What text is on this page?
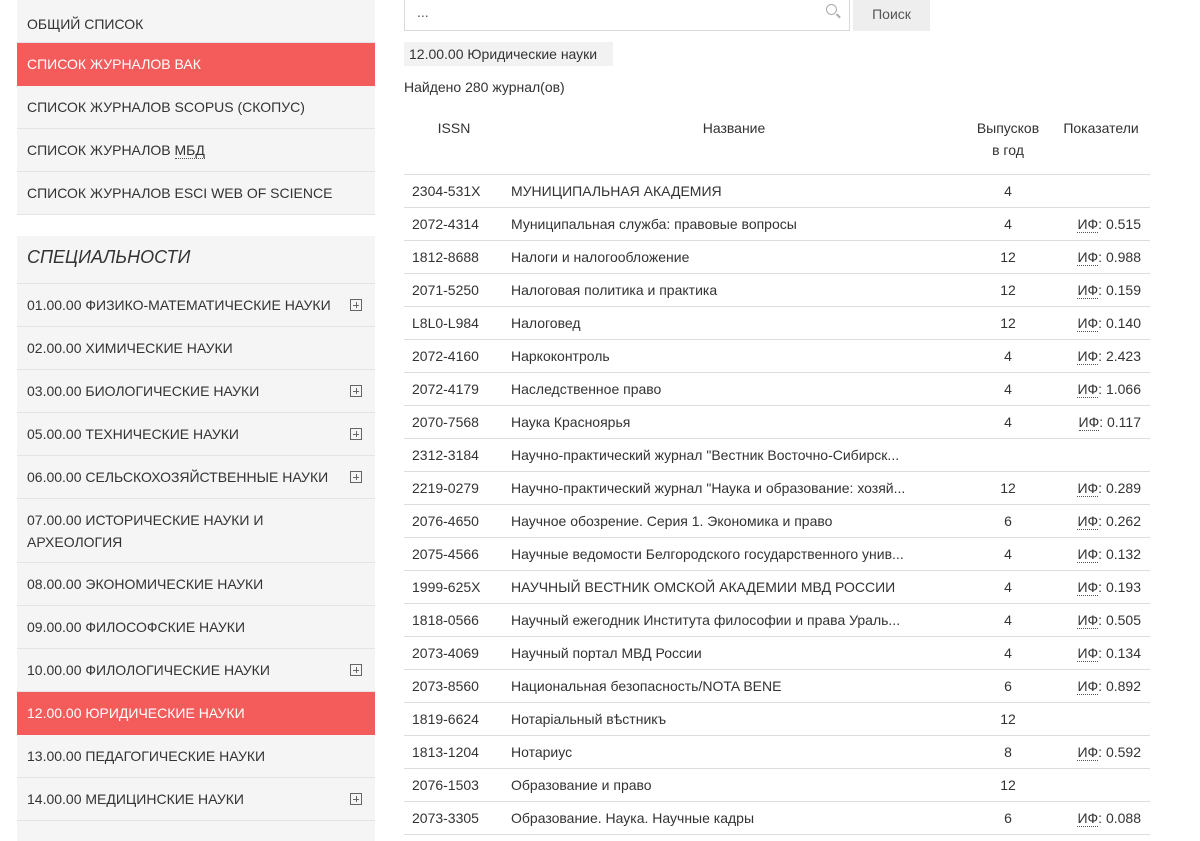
ОБЩИЙ СПИСОК
СПИСОК ЖУРНАЛОВ ВАК
СПИСОК ЖУРНАЛОВ SCOPUS (СКОПУС)
СПИСОК ЖУРНАЛОВ МБД
СПИСОК ЖУРНАЛОВ ESCI WEB OF SCIENCE
СПЕЦИАЛЬНОСТИ
01.00.00 ФИЗИКО-МАТЕМАТИЧЕСКИЕ НАУКИ
02.00.00 ХИМИЧЕСКИЕ НАУКИ
03.00.00 БИОЛОГИЧЕСКИЕ НАУКИ
05.00.00 ТЕХНИЧЕСКИЕ НАУКИ
06.00.00 СЕЛЬСКОХОЗЯЙСТВЕННЫЕ НАУКИ
07.00.00 ИСТОРИЧЕСКИЕ НАУКИ И АРХЕОЛОГИЯ
08.00.00 ЭКОНОМИЧЕСКИЕ НАУКИ
09.00.00 ФИЛОСОФСКИЕ НАУКИ
10.00.00 ФИЛОЛОГИЧЕСКИЕ НАУКИ
12.00.00 ЮРИДИЧЕСКИЕ НАУКИ
13.00.00 ПЕДАГОГИЧЕСКИЕ НАУКИ
14.00.00 МЕДИЦИНСКИЕ НАУКИ
...
Поиск
12.00.00 Юридические науки
Найдено 280 журнал(ов)
ISSN	Название	Выпусков
в год	Показатели
2304-531X	МУНИЦИПАЛЬНАЯ АКАДЕМИЯ	4	
2072-4314	Муниципальная служба: правовые вопросы	4	ИФ: 0.515
1812-8688	Налоги и налогообложение	12	ИФ: 0.988
2071-5250	Налоговая политика и практика	12	ИФ: 0.159
L8L0-L984	Налоговед	12	ИФ: 0.140
2072-4160	Наркоконтроль	4	ИФ: 2.423
2072-4179	Наследственное право	4	ИФ: 1.066
2070-7568	Наука Красноярья	4	ИФ: 0.117
2312-3184	Научно-практический журнал "Вестник Восточно-Сибирск...		

2219-0279	Научно-практический журнал "Наука и образование: хозяй...	12	ИФ: 0.289
2076-4650	Научное обозрение. Серия 1. Экономика и право	6	ИФ: 0.262
2075-4566	Научные ведомости Белгородского государственного унив...	4	ИФ: 0.132
1999-625X	НАУЧНЫЙ ВЕСТНИК ОМСКОЙ АКАДЕМИИ МВД РОССИИ	4	ИФ: 0.193
1818-0566	Научный ежегодник Института философии и права Ураль...	4	ИФ: 0.505
2073-4069	Научный портал МВД России	4	ИФ: 0.134
2073-8560	Национальная безопасность/NOTA BENE	6	ИФ: 0.892
1819-6624	Нотаріальный вѣстникъ	12	
1813-1204	Нотариус	8	ИФ: 0.592
2076-1503	Образование и право	12	
2073-3305	Образование. Наука. Научные кадры	6	ИФ: 0.088
